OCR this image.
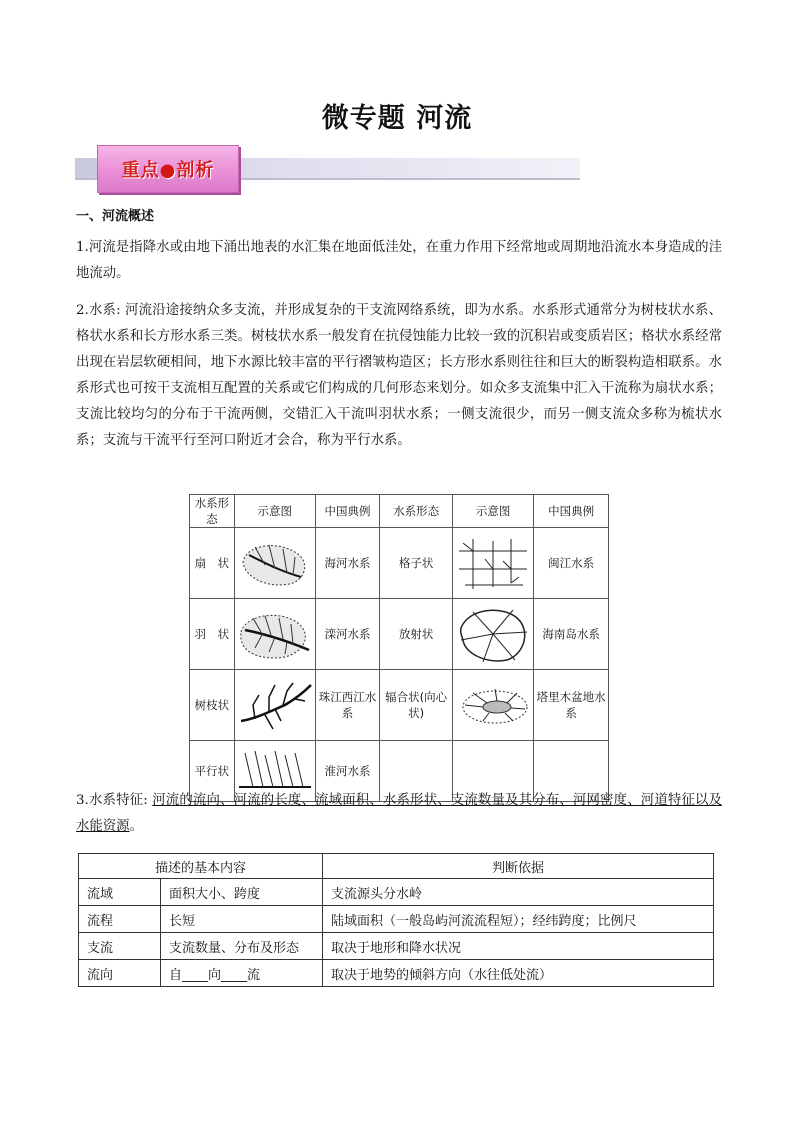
微专题 河流
重点●剖析
一、河流概述
1.河流是指降水或由地下涌出地表的水汇集在地面低洼处，在重力作用下经常地或周期地沿流水本身造成的洼地流动。
2.水系: 河流沿途接纳众多支流，并形成复杂的干支流网络系统，即为水系。水系形式通常分为树枝状水系、格状水系和长方形水系三类。树枝状水系一般发育在抗侵蚀能力比较一致的沉积岩或变质岩区；格状水系经常出现在岩层软硬相间，地下水源比较丰富的平行褶皱构造区；长方形水系则往往和巨大的断裂构造相联系。水系形式也可按干支流相互配置的关系或它们构成的几何形态来划分。如众多支流集中汇入干流称为扇状水系；支流比较均匀的分布于干流两侧，交错汇入干流叫羽状水系；一侧支流很少，而另一侧支流众多称为梳状水系；支流与干流平行至河口附近才会合，称为平行水系。
水系形态	示意图	中国典例	水系形态	示意图	中国典例
扇　状		海河水系	格子状		闽江水系
羽　状		滦河水系	放射状		海南岛水系
树枝状		珠江西江水系	辐合状(向心状)		塔里木盆地水系
平行状		淮河水系			
3.水系特征: 河流的流向、河流的长度、流域面积、水系形状、支流数量及其分布、河网密度、河道特征以及水能资源。
描述的基本内容		判断依据
流域	面积大小、跨度	支流源头分水岭
流程	长短	陆域面积（一般岛屿河流流程短）；经纬跨度；比例尺
支流	支流数量、分布及形态	取决于地形和降水状况
流向	自____向____流	取决于地势的倾斜方向（水往低处流）
